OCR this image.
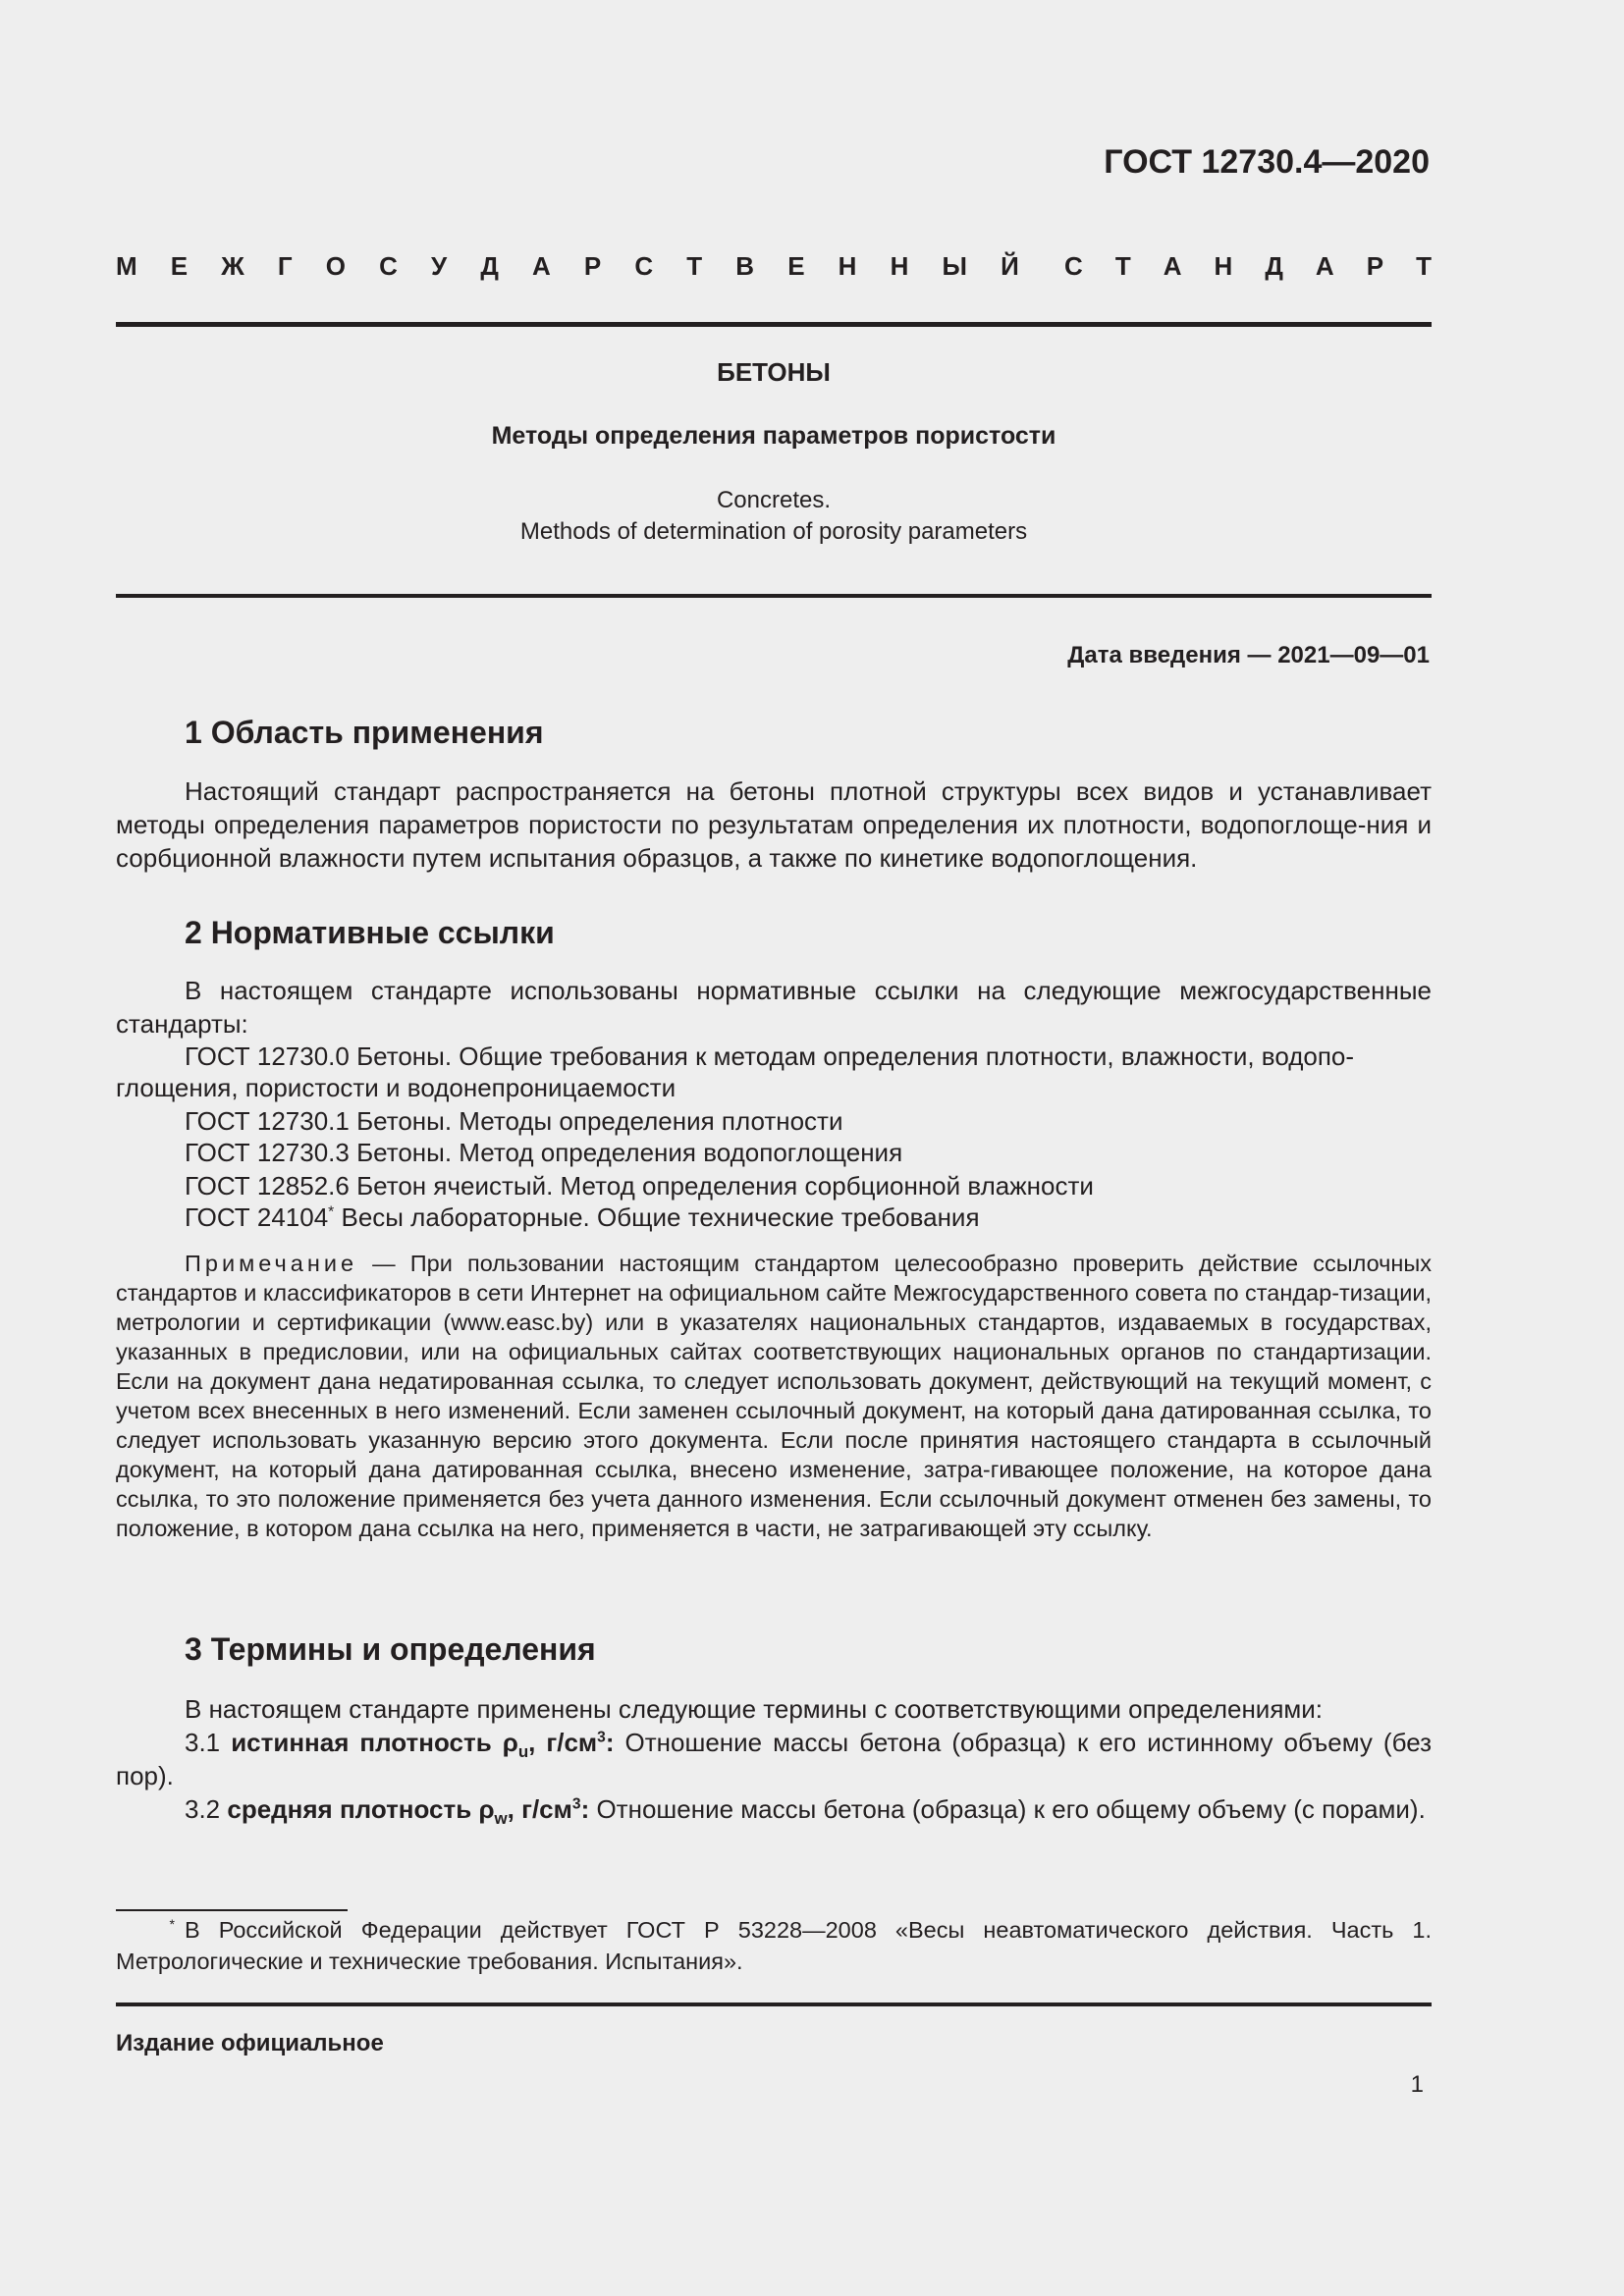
ГОСТ 12730.4—2020
М Е Ж Г О С У Д А Р С Т В Е Н Н Ы Й С Т А Н Д А Р Т
БЕТОНЫ
Методы определения параметров пористости
Concretes.
Methods of determination of porosity parameters
Дата введения — 2021—09—01
1 Область применения
Настоящий стандарт распространяется на бетоны плотной структуры всех видов и устанавливает методы определения параметров пористости по результатам определения их плотности, водопоглоще-ния и сорбционной влажности путем испытания образцов, а также по кинетике водопоглощения.
2 Нормативные ссылки
В настоящем стандарте использованы нормативные ссылки на следующие межгосударственные стандарты:
ГОСТ 12730.0 Бетоны. Общие требования к методам определения плотности, влажности, водопо-
глощения, пористости и водонепроницаемости
ГОСТ 12730.1 Бетоны. Методы определения плотности
ГОСТ 12730.3 Бетоны. Метод определения водопоглощения
ГОСТ 12852.6 Бетон ячеистый. Метод определения сорбционной влажности
ГОСТ 24104* Весы лабораторные. Общие технические требования
Примечание — При пользовании настоящим стандартом целесообразно проверить действие ссылочных стандартов и классификаторов в сети Интернет на официальном сайте Межгосударственного совета по стандар-тизации, метрологии и сертификации (www.easc.by) или в указателях национальных стандартов, издаваемых в государствах, указанных в предисловии, или на официальных сайтах соответствующих национальных органов по стандартизации. Если на документ дана недатированная ссылка, то следует использовать документ, действующий на текущий момент, с учетом всех внесенных в него изменений. Если заменен ссылочный документ, на который дана датированная ссылка, то следует использовать указанную версию этого документа. Если после принятия настоящего стандарта в ссылочный документ, на который дана датированная ссылка, внесено изменение, затра-гивающее положение, на которое дана ссылка, то это положение применяется без учета данного изменения. Если ссылочный документ отменен без замены, то положение, в котором дана ссылка на него, применяется в части, не затрагивающей эту ссылку.
3 Термины и определения
В настоящем стандарте применены следующие термины с соответствующими определениями:
3.1 истинная плотность $\rho_u$, $г/см^3$: Отношение массы бетона (образца) к его истинному объему (без пор).
3.2 средняя плотность $\rho_w$, $г/см^3$: Отношение массы бетона (образца) к его общему объему (с порами).
* В Российской Федерации действует ГОСТ Р 53228—2008 «Весы неавтоматического действия. Часть 1. Метрологические и технические требования. Испытания».
Издание официальное
1
